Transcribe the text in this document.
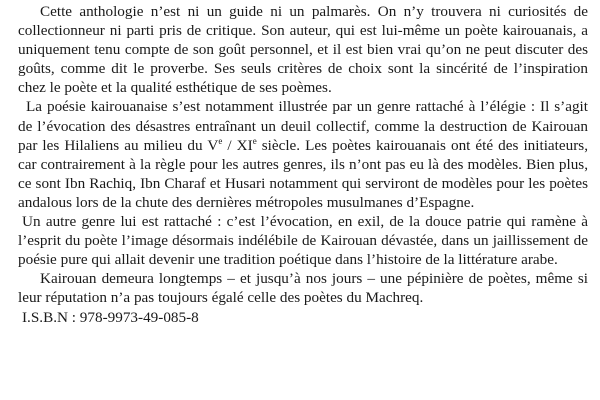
Cette anthologie n’est ni un guide ni un palmarès. On n’y trouvera ni curiosités de collectionneur ni parti pris de critique. Son auteur, qui est lui-même un poète kairouanais, a uniquement tenu compte de son goût personnel, et il est bien vrai qu’on ne peut discuter des goûts, comme dit le proverbe. Ses seuls critères de choix sont la sincérité de l’inspiration chez le poète et la qualité esthétique de ses poèmes.

La poésie kairouanaise s’est notamment illustrée par un genre rattaché à l’élégie : Il s’agit de l’évocation des désastres entraînant un deuil collectif, comme la destruction de Kairouan par les Hilaliens au milieu du Ve / XIe siècle. Les poètes kairouanais ont été des initiateurs, car contrairement à la règle pour les autres genres, ils n’ont pas eu là des modèles. Bien plus, ce sont Ibn Rachiq, Ibn Charaf et Husari notamment qui serviront de modèles pour les poètes andalous lors de la chute des dernières métropoles musulmanes d’Espagne.

Un autre genre lui est rattaché : c’est l’évocation, en exil, de la douce patrie qui ramène à l’esprit du poète l’image désormais indélébile de Kairouan dévastée, dans un jaillissement de poésie pure qui allait devenir une tradition poétique dans l’histoire de la littérature arabe.

Kairouan demeura longtemps – et jusqu’à nos jours – une pépinière de poètes, même si leur réputation n’a pas toujours égalé celle des poètes du Machreq.

I.S.B.N : 978-9973-49-085-8
